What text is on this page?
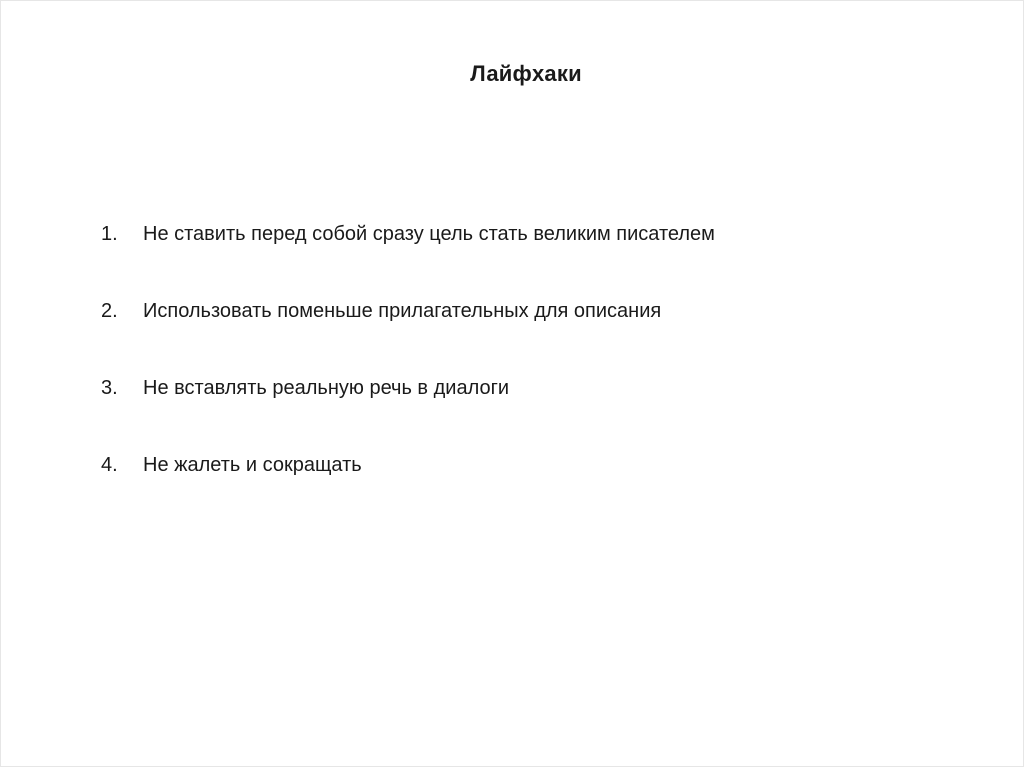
Лайфхаки
1.	Не ставить перед собой сразу цель стать великим писателем
2.	Использовать поменьше прилагательных для описания
3.	Не вставлять реальную речь в диалоги
4.	Не жалеть и сокращать
